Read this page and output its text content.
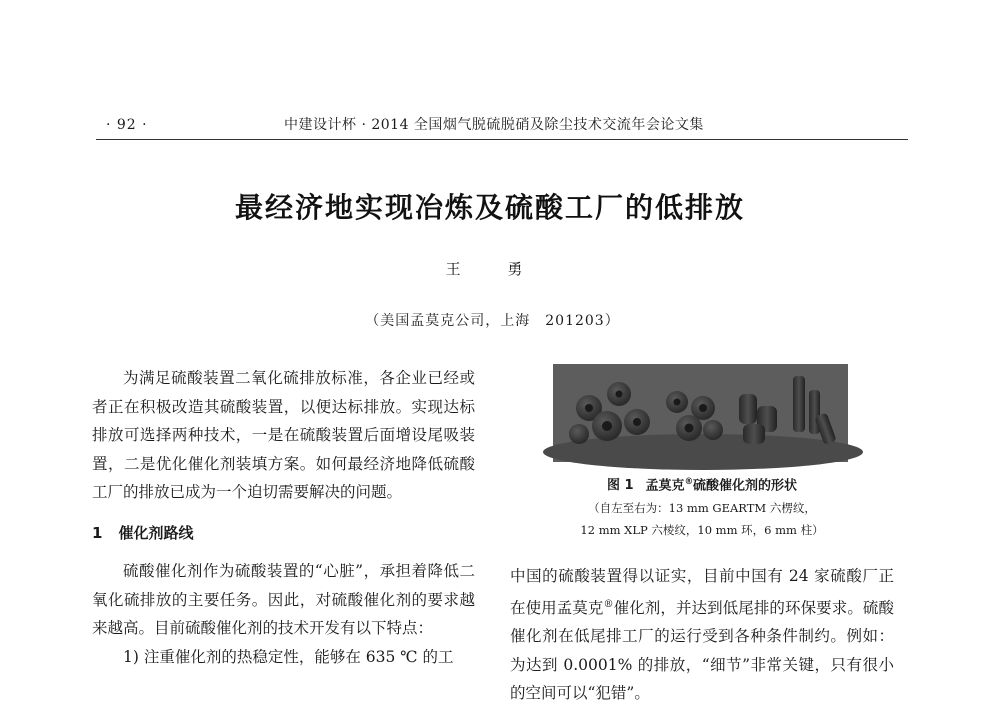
· 92 ·	中建设计杯 · 2014 全国烟气脱硫脱硝及除尘技术交流年会论文集
最经济地实现冶炼及硫酸工厂的低排放
王 勇
（美国孟莫克公司，上海　201203）

为满足硫酸装置二氧化硫排放标准，各企业已经或者正在积极改造其硫酸装置，以便达标排放。实现达标排放可选择两种技术，一是在硫酸装置后面增设尾吸装置，二是优化催化剂装填方案。如何最经济地降低硫酸工厂的排放已成为一个迫切需要解决的问题。

1 催化剂路线

硫酸催化剂作为硫酸装置的“心脏”，承担着降低二氧化硫排放的主要任务。因此，对硫酸催化剂的要求越来越高。目前硫酸催化剂的技术开发有以下特点：

1) 注重催化剂的热稳定性，能够在 635 ℃ 的工

图 1 孟莫克®硫酸催化剂的形状
（自左至右为：13 mm GEARTM 六楞纹，
12 mm XLP 六棱纹，10 mm 环，6 mm 柱）

中国的硫酸装置得以证实，目前中国有 24 家硫酸厂正在使用孟莫克®催化剂，并达到低尾排的环保要求。硫酸催化剂在低尾排工厂的运行受到各种条件制约。例如：为达到 0.0001% 的排放，“细节”非常关键，只有很小的空间可以“犯错”。
